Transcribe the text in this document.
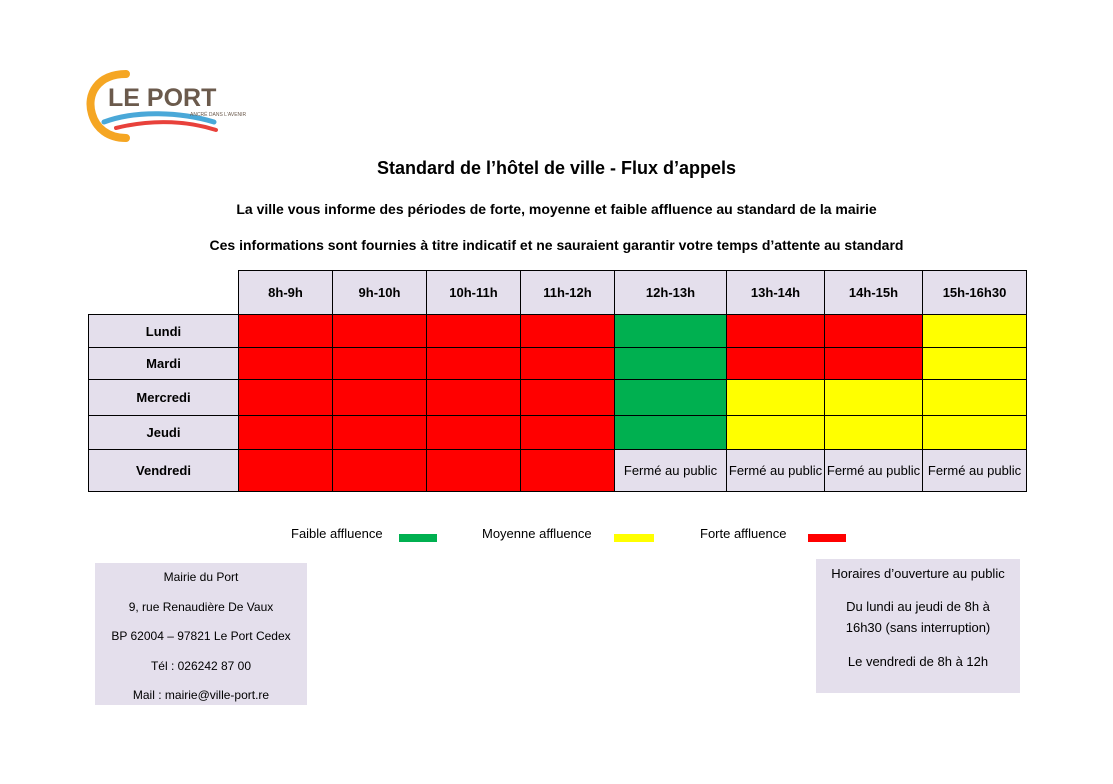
LE PORT
ANCRÉ DANS L'AVENIR
Standard de l’hôtel de ville - Flux d’appels
La ville vous informe des périodes de forte, moyenne et faible affluence au standard de la mairie
Ces informations sont fournies à titre indicatif et ne sauraient garantir votre temps d’attente au standard
	8h-9h	9h-10h	10h-11h	11h-12h	12h-13h	13h-14h	14h-15h	15h-16h30
Lundi								
Mardi								
Mercredi								
Jeudi								
Vendredi					Fermé au public	Fermé au public	Fermé au public	Fermé au public
Faible affluence	Moyenne affluence	Forte affluence
Mairie du Port
9, rue Renaudière De Vaux
BP 62004 – 97821 Le Port Cedex
Tél : 026242 87 00
Mail : mairie@ville-port.re
Horaires d’ouverture au public
Du lundi au jeudi de 8h à
16h30 (sans interruption)
Le vendredi de 8h à 12h
